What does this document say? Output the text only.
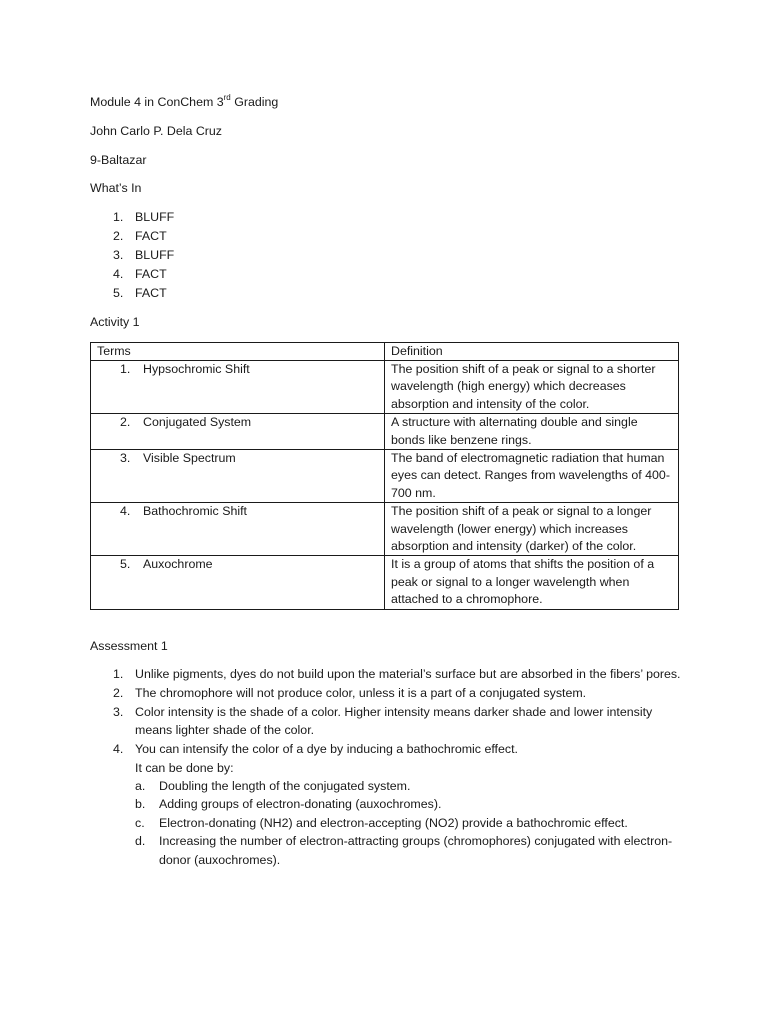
Module 4 in ConChem 3rd Grading

John Carlo P. Dela Cruz

9-Baltazar

What’s In

1. BLUFF
2. FACT
3. BLUFF
4. FACT
5. FACT

Activity 1

Terms	Definition

1. Hypsochromic Shift	The position shift of a peak or signal to a shorter wavelength (high energy) which decreases absorption and intensity of the color.

2. Conjugated System	A structure with alternating double and single bonds like benzene rings.

3. Visible Spectrum	The band of electromagnetic radiation that human eyes can detect. Ranges from wavelengths of 400-700 nm.

4. Bathochromic Shift	The position shift of a peak or signal to a longer wavelength (lower energy) which increases absorption and intensity (darker) of the color.

5. Auxochrome	It is a group of atoms that shifts the position of a peak or signal to a longer wavelength when attached to a chromophore.

Assessment 1

1. Unlike pigments, dyes do not build upon the material’s surface but are absorbed in the fibers’ pores.
2. The chromophore will not produce color, unless it is a part of a conjugated system.
3. Color intensity is the shade of a color. Higher intensity means darker shade and lower intensity means lighter shade of the color.
4. You can intensify the color of a dye by inducing a bathochromic effect.
It can be done by:
a. Doubling the length of the conjugated system.
b. Adding groups of electron-donating (auxochromes).
c. Electron-donating (NH2) and electron-accepting (NO2) provide a bathochromic effect.
d. Increasing the number of electron-attracting groups (chromophores) conjugated with electron-donor (auxochromes).
